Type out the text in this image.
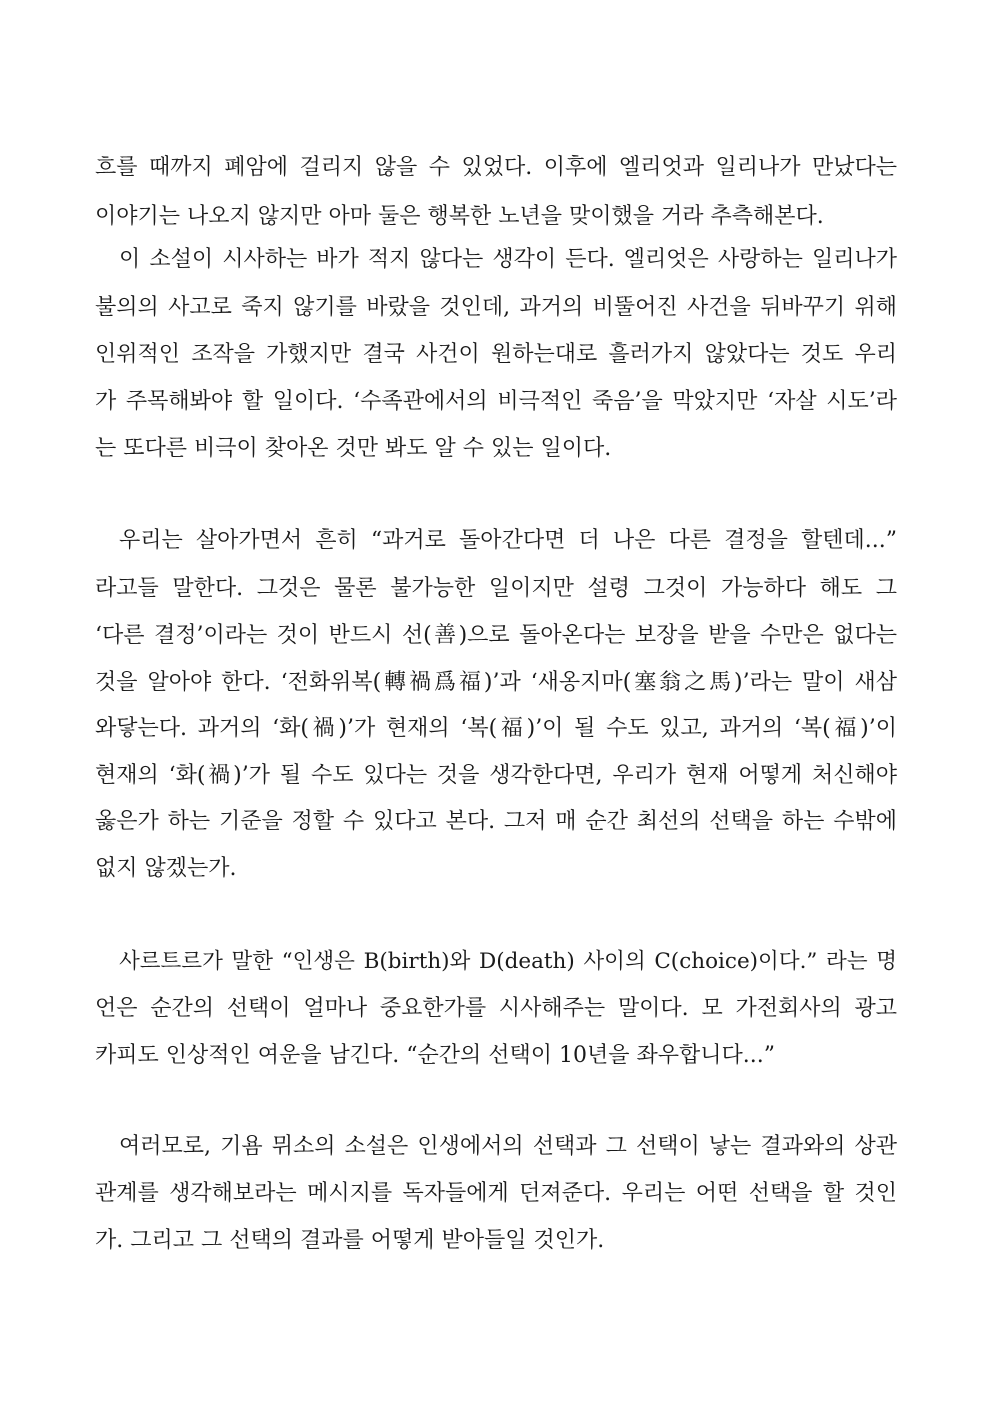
흐를 때까지 폐암에 걸리지 않을 수 있었다. 이후에 엘리엇과 일리나가 만났다는
이야기는 나오지 않지만 아마 둘은 행복한 노년을 맞이했을 거라 추측해본다.
이 소설이 시사하는 바가 적지 않다는 생각이 든다. 엘리엇은 사랑하는 일리나가
불의의 사고로 죽지 않기를 바랐을 것인데, 과거의 비뚤어진 사건을 뒤바꾸기 위해
인위적인 조작을 가했지만 결국 사건이 원하는대로 흘러가지 않았다는 것도 우리
가 주목해봐야 할 일이다. ‘수족관에서의 비극적인 죽음’을 막았지만 ‘자살 시도’라
는 또다른 비극이 찾아온 것만 봐도 알 수 있는 일이다.
우리는 살아가면서 흔히 “과거로 돌아간다면 더 나은 다른 결정을 할텐데...”
라고들 말한다. 그것은 물론 불가능한 일이지만 설령 그것이 가능하다 해도 그
‘다른 결정’이라는 것이 반드시 선(善)으로 돌아온다는 보장을 받을 수만은 없다는
것을 알아야 한다. ‘전화위복(轉禍爲福)’과 ‘새옹지마(塞翁之馬)’라는 말이 새삼
와닿는다. 과거의 ‘화(禍)’가 현재의 ‘복(福)’이 될 수도 있고, 과거의 ‘복(福)’이
현재의 ‘화(禍)’가 될 수도 있다는 것을 생각한다면, 우리가 현재 어떻게 처신해야
옳은가 하는 기준을 정할 수 있다고 본다. 그저 매 순간 최선의 선택을 하는 수밖에
없지 않겠는가.
사르트르가 말한 “인생은 B(birth)와 D(death) 사이의 C(choice)이다.” 라는 명
언은 순간의 선택이 얼마나 중요한가를 시사해주는 말이다. 모 가전회사의 광고
카피도 인상적인 여운을 남긴다. “순간의 선택이 10년을 좌우합니다...”
여러모로, 기욤 뮈소의 소설은 인생에서의 선택과 그 선택이 낳는 결과와의 상관
관계를 생각해보라는 메시지를 독자들에게 던져준다. 우리는 어떤 선택을 할 것인
가. 그리고 그 선택의 결과를 어떻게 받아들일 것인가.
